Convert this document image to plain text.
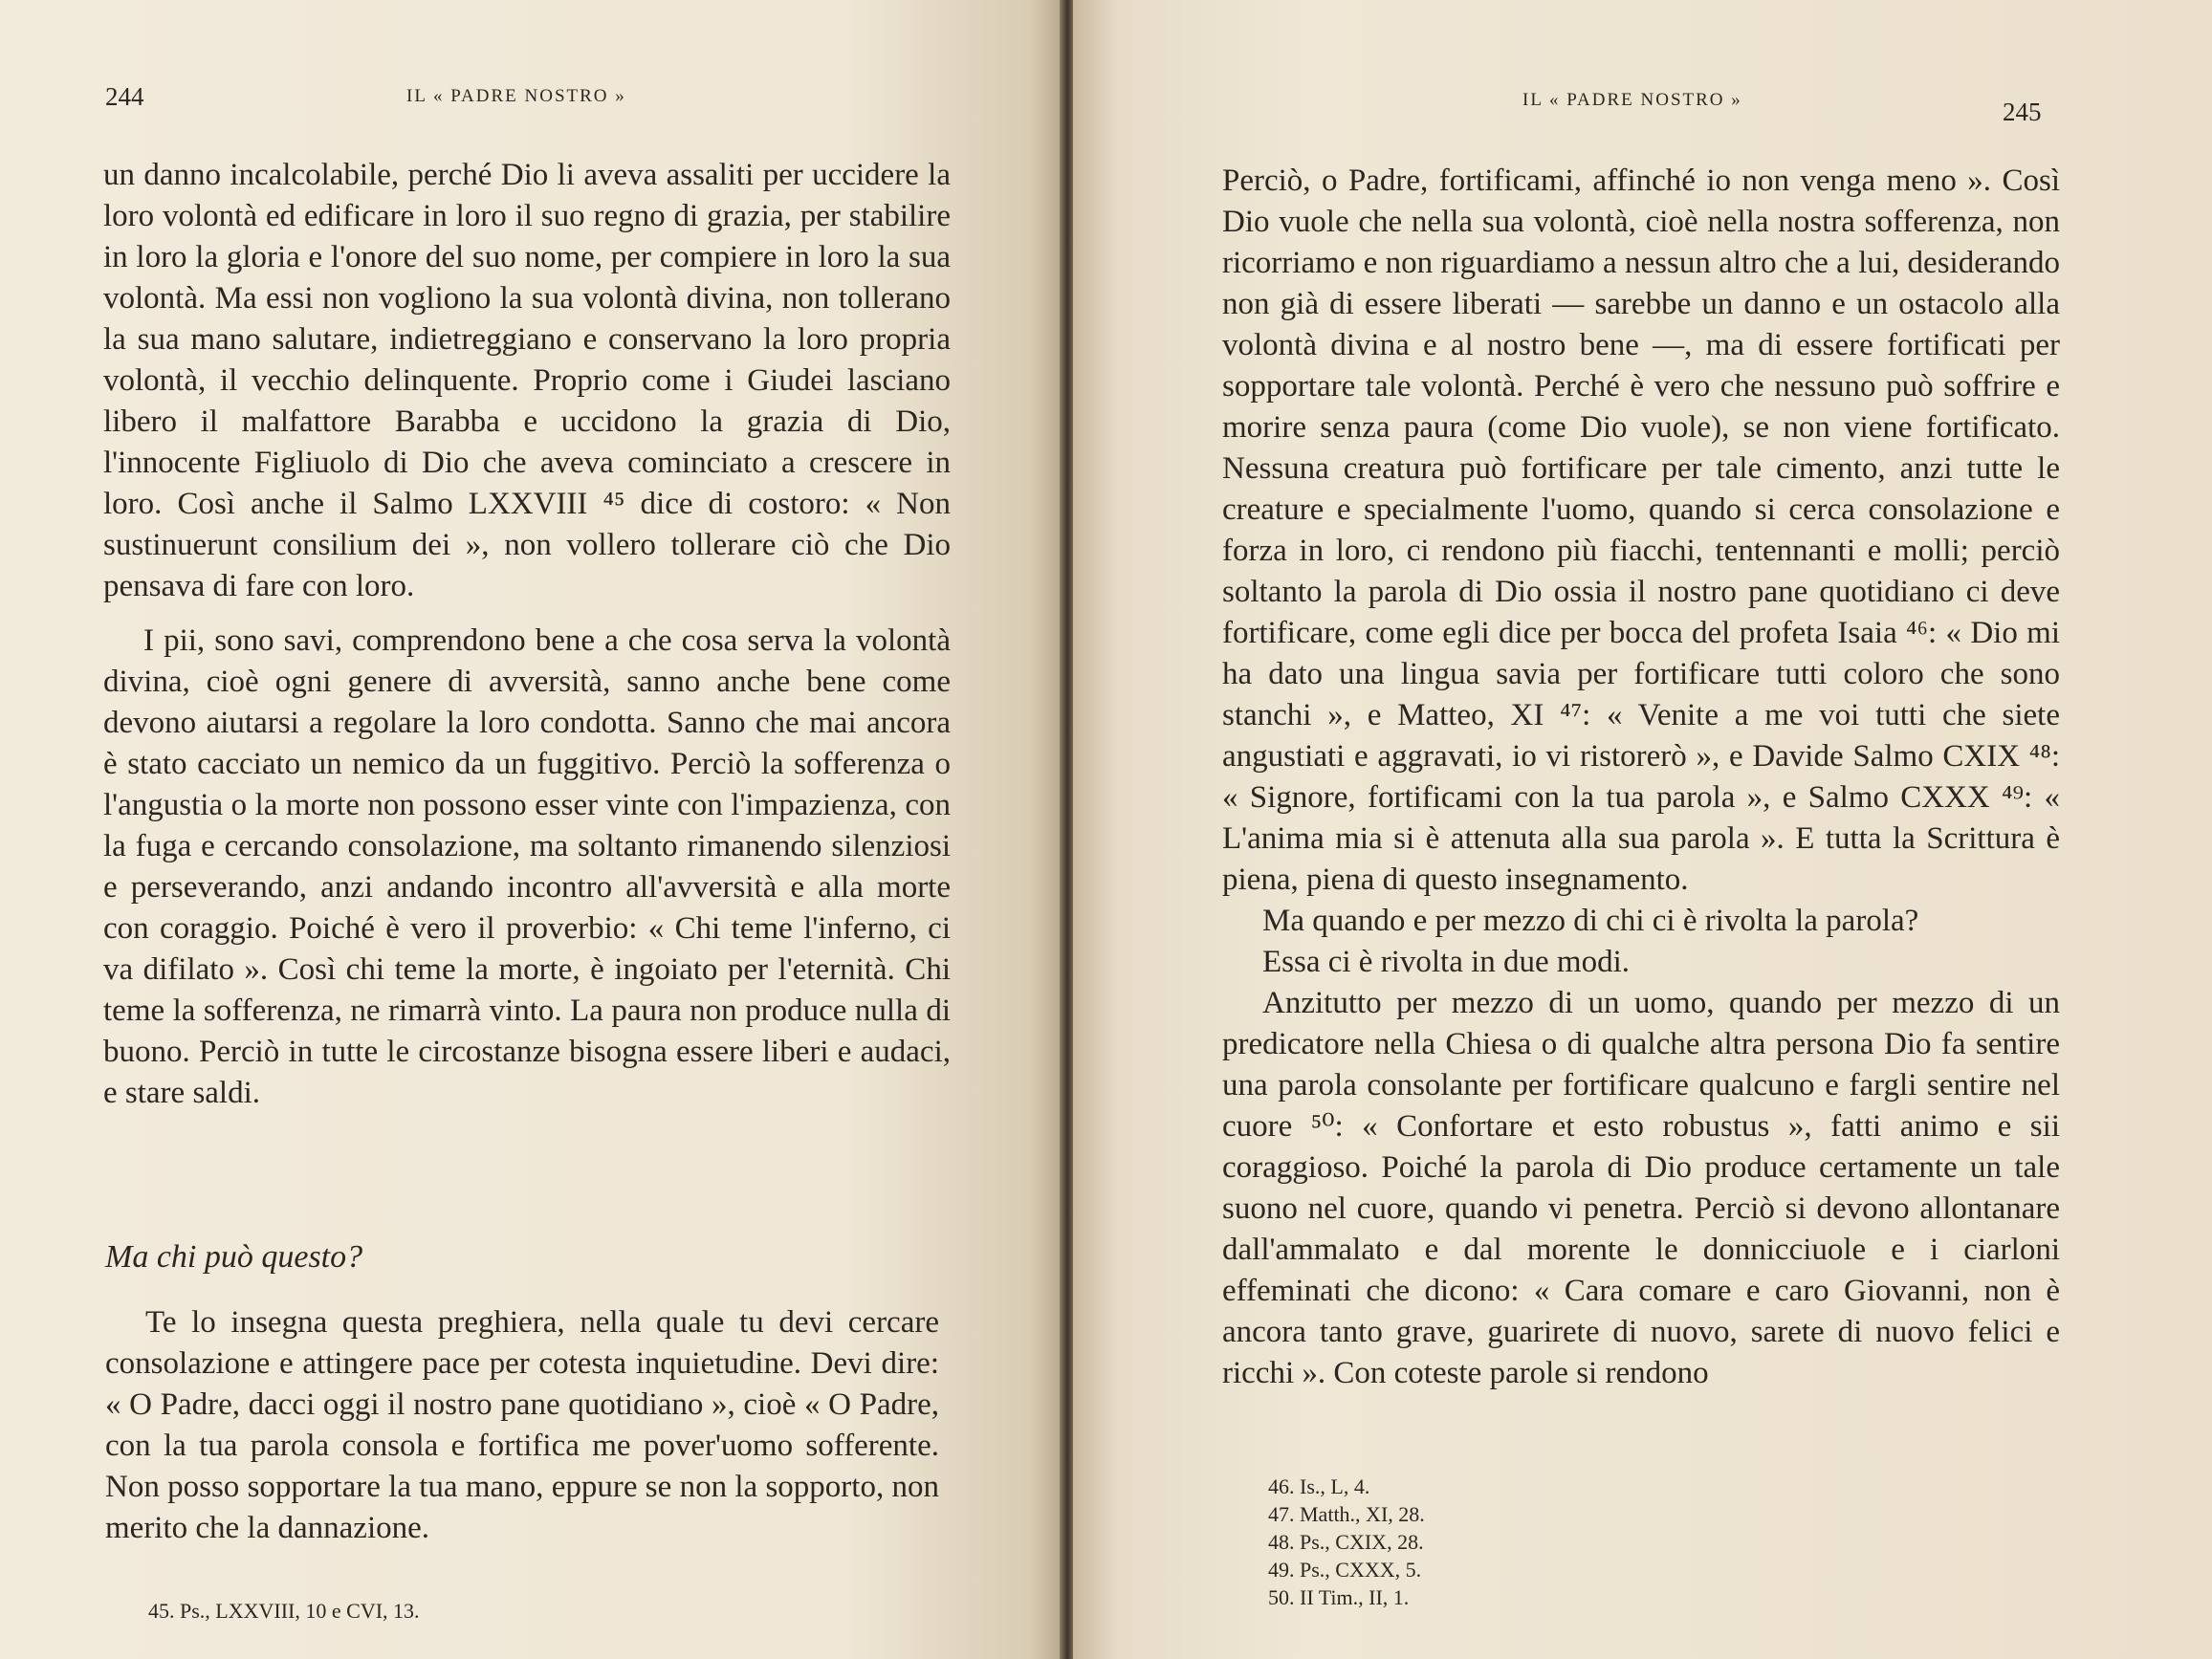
244	IL « PADRE NOSTRO »

un danno incalcolabile, perché Dio li aveva assaliti per uccidere la loro volontà ed edificare in loro il suo regno di grazia, per stabilire in loro la gloria e l'onore del suo nome, per compiere in loro la sua volontà. Ma essi non vogliono la sua volontà divina, non tollerano la sua mano salutare, indietreggiano e conservano la loro propria volontà, il vecchio delinquente. Proprio come i Giudei lasciano libero il malfattore Barabba e uccidono la grazia di Dio, l'innocente Figliuolo di Dio che aveva cominciato a crescere in loro. Così anche il Salmo LXXVIII ⁴⁵ dice di costoro: « Non sustinuerunt consilium dei », non vollero tollerare ciò che Dio pensava di fare con loro.

I pii, sono savi, comprendono bene a che cosa serva la volontà divina, cioè ogni genere di avversità, sanno anche bene come devono aiutarsi a regolare la loro condotta. Sanno che mai ancora è stato cacciato un nemico da un fuggitivo. Perciò la sofferenza o l'angustia o la morte non possono esser vinte con l'impazienza, con la fuga e cercando consolazione, ma soltanto rimanendo silenziosi e perseverando, anzi andando incontro all'avversità e alla morte con coraggio. Poiché è vero il proverbio: « Chi teme l'inferno, ci va difilato ». Così chi teme la morte, è ingoiato per l'eternità. Chi teme la sofferenza, ne rimarrà vinto. La paura non produce nulla di buono. Perciò in tutte le circostanze bisogna essere liberi e audaci, e stare saldi.

Ma chi può questo?

Te lo insegna questa preghiera, nella quale tu devi cercare consolazione e attingere pace per cotesta inquietudine. Devi dire: « O Padre, dacci oggi il nostro pane quotidiano », cioè « O Padre, con la tua parola consola e fortifica me pover'uomo sofferente. Non posso sopportare la tua mano, eppure se non la sopporto, non merito che la dannazione.

45. Ps., LXXVIII, 10 e CVI, 13.
IL « PADRE NOSTRO »	245

Perciò, o Padre, fortificami, affinché io non venga meno ». Così Dio vuole che nella sua volontà, cioè nella nostra sofferenza, non ricorriamo e non riguardiamo a nessun altro che a lui, desiderando non già di essere liberati — sarebbe un danno e un ostacolo alla volontà divina e al nostro bene —, ma di essere fortificati per sopportare tale volontà. Perché è vero che nessuno può soffrire e morire senza paura (come Dio vuole), se non viene fortificato. Nessuna creatura può fortificare per tale cimento, anzi tutte le creature e specialmente l'uomo, quando si cerca consolazione e forza in loro, ci rendono più fiacchi, tentennanti e molli; perciò soltanto la parola di Dio ossia il nostro pane quotidiano ci deve fortificare, come egli dice per bocca del profeta Isaia ⁴⁶: « Dio mi ha dato una lingua savia per fortificare tutti coloro che sono stanchi », e Matteo, XI ⁴⁷: « Venite a me voi tutti che siete angustiati e aggravati, io vi ristorerò », e Davide Salmo CXIX ⁴⁸: « Signore, fortificami con la tua parola », e Salmo CXXX ⁴⁹: « L'anima mia si è attenuta alla sua parola ». E tutta la Scrittura è piena, piena di questo insegnamento.

Ma quando e per mezzo di chi ci è rivolta la parola?

Essa ci è rivolta in due modi.

Anzitutto per mezzo di un uomo, quando per mezzo di un predicatore nella Chiesa o di qualche altra persona Dio fa sentire una parola consolante per fortificare qualcuno e fargli sentire nel cuore ⁵⁰: « Confortare et esto robustus », fatti animo e sii coraggioso. Poiché la parola di Dio produce certamente un tale suono nel cuore, quando vi penetra. Perciò si devono allontanare dall'ammalato e dal morente le donnicciuole e i ciarloni effeminati che dicono: « Cara comare e caro Giovanni, non è ancora tanto grave, guarirete di nuovo, sarete di nuovo felici e ricchi ». Con coteste parole si rendono

46. Is., L, 4.
47. Matth., XI, 28.
48. Ps., CXIX, 28.
49. Ps., CXXX, 5.
50. II Tim., II, 1.
